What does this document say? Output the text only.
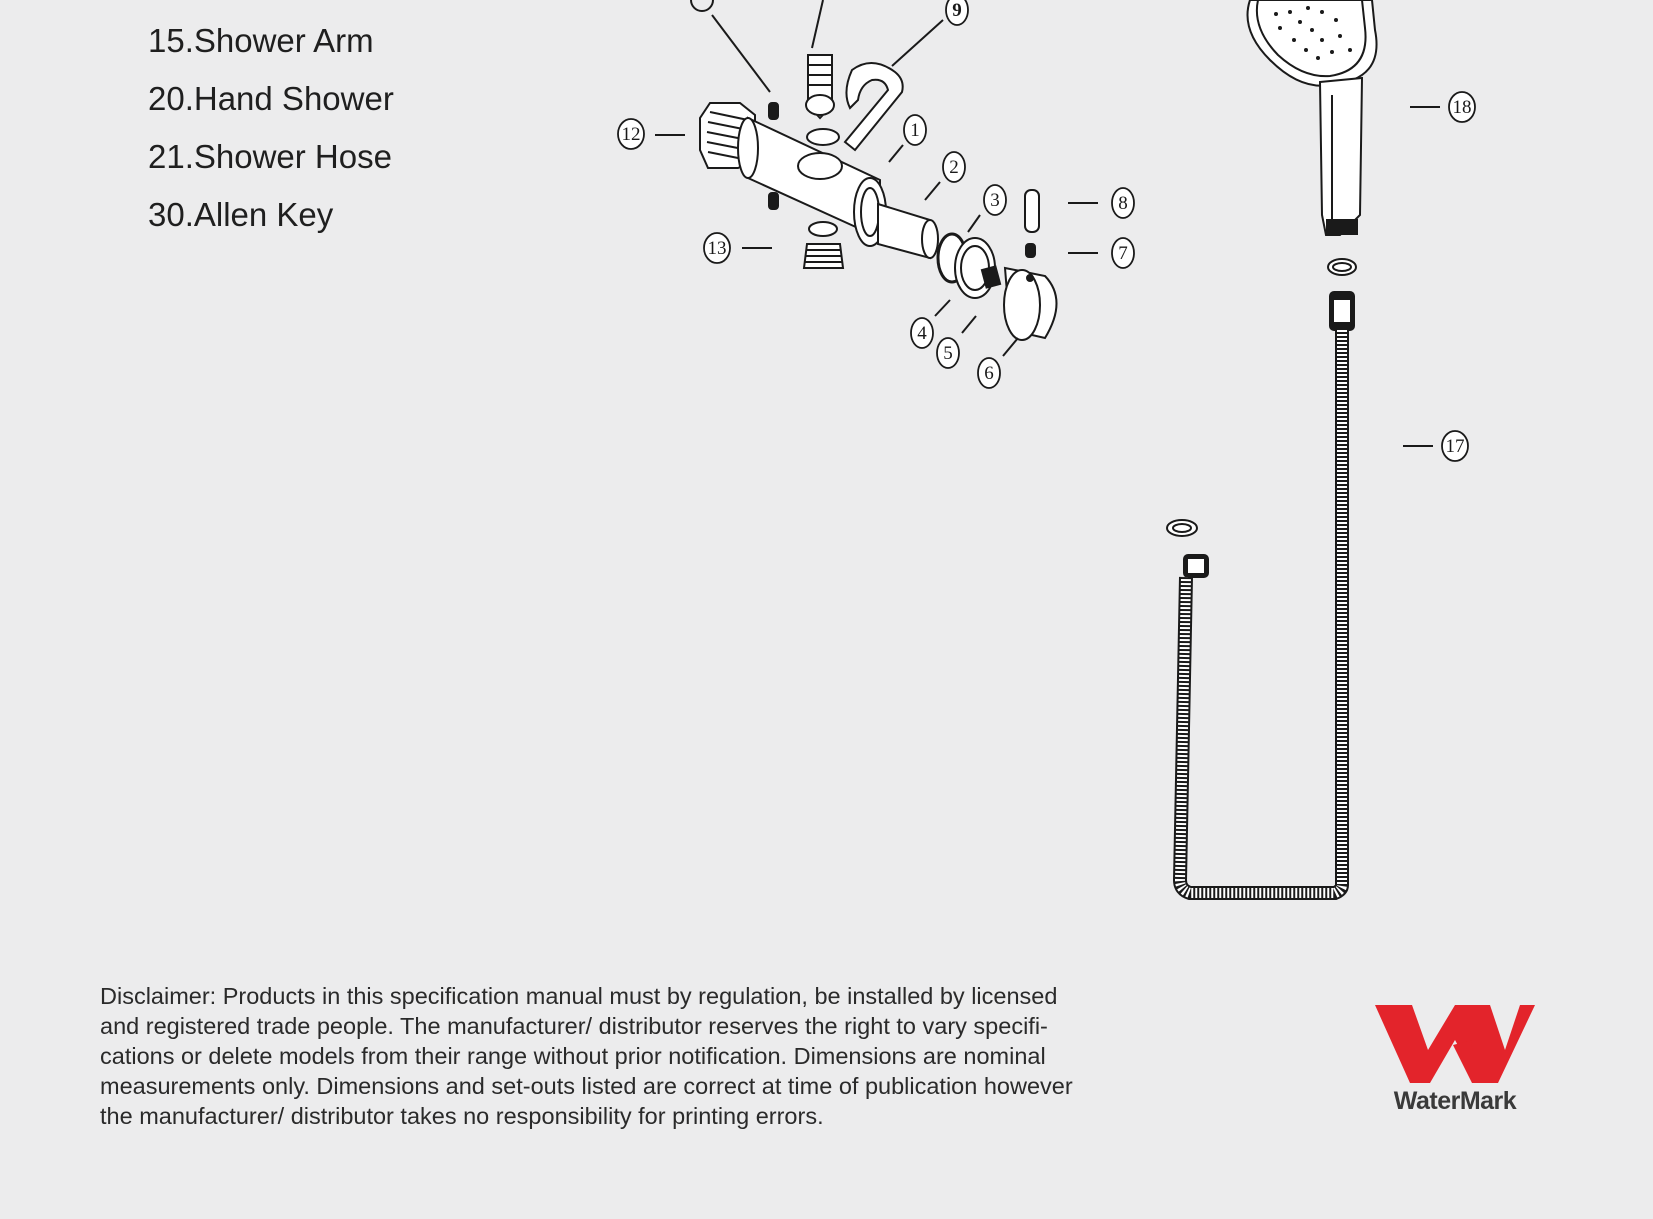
15.Shower Arm
20.Hand Shower
21.Shower Hose
30.Allen Key
9
18
12	1
2
3	8
7
13
4
5
6
17

Disclaimer: Products in this specification manual must by regulation, be installed by licensed
and registered trade people. The manufacturer/ distributor reserves the right to vary specifi-
cations or delete models from their range without prior notification. Dimensions are nominal
measurements only. Dimensions and set-outs listed are correct at time of publication however
the manufacturer/ distributor takes no responsibility for printing errors.

WaterMark
